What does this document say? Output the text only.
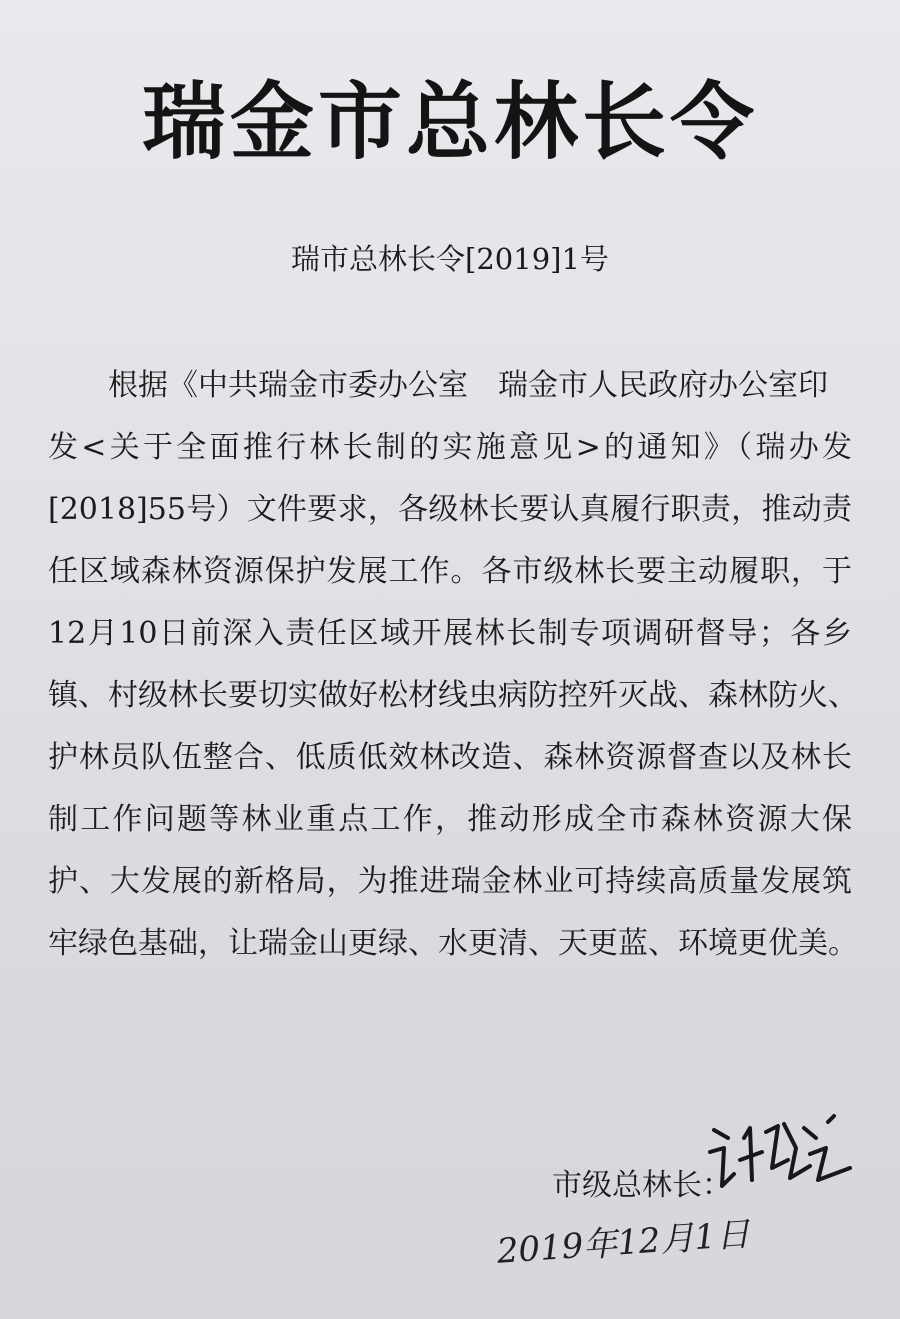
瑞金市总林长令
瑞市总林长令[2019]1号
根据《中共瑞金市委办公室　瑞金市人民政府办公室印
发<关于全面推行林长制的实施意见>的通知》（瑞办发
[2018]55号）文件要求，各级林长要认真履行职责，推动责
任区域森林资源保护发展工作。各市级林长要主动履职，于
12月10日前深入责任区域开展林长制专项调研督导；各乡
镇、村级林长要切实做好松材线虫病防控歼灭战、森林防火、
护林员队伍整合、低质低效林改造、森林资源督查以及林长
制工作问题等林业重点工作，推动形成全市森林资源大保
护、大发展的新格局，为推进瑞金林业可持续高质量发展筑
牢绿色基础，让瑞金山更绿、水更清、天更蓝、环境更优美。
市级总林长：
2019年12月1日
